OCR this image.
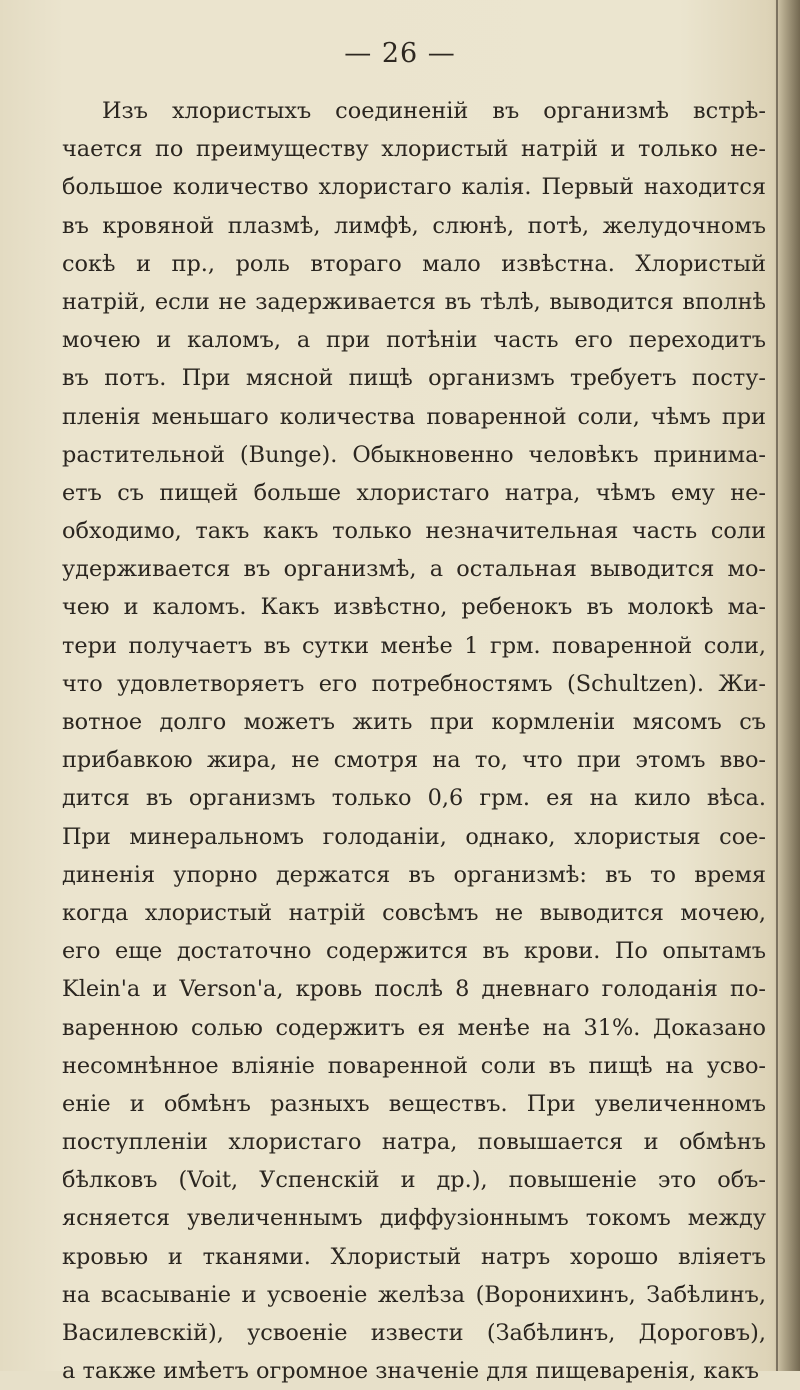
— 26 —
Изъ хлористыхъ соединенiй въ организмѣ встрѣ-
чается по преимуществу хлористый натрiй и только не-
большое количество хлористаго калiя. Первый находится
въ кровяной плазмѣ, лимфѣ, слюнѣ, потѣ, желудочномъ
сокѣ и пр., роль втораго мало извѣстна. Хлористый
натрiй, если не задерживается въ тѣлѣ, выводится вполнѣ
мочею и каломъ, а при потѣнiи часть его переходитъ
въ потъ. При мясной пищѣ организмъ требуетъ посту-
пленiя меньшаго количества поваренной соли, чѣмъ при
растительной (Bunge). Обыкновенно человѣкъ принима-
етъ съ пищей больше хлористаго натра, чѣмъ ему не-
обходимо, такъ какъ только незначительная часть соли
удерживается въ организмѣ, а остальная выводится мо-
чею и каломъ. Какъ извѣстно, ребенокъ въ молокѣ ма-
тери получаетъ въ сутки менѣе 1 грм. поваренной соли,
что удовлетворяетъ его потребностямъ (Schultzen). Жи-
вотное долго можетъ жить при кормленiи мясомъ съ
прибавкою жира, не смотря на то, что при этомъ вво-
дится въ организмъ только 0,6 грм. ея на кило вѣса.
При минеральномъ голоданiи, однако, хлористыя сое-
диненiя упорно держатся въ организмѣ: въ то время
когда хлористый натрiй совсѣмъ не выводится мочею,
его еще достаточно содержится въ крови. По опытамъ
Klein'а и Verson'а, кровь послѣ 8 дневнаго голоданiя по-
варенною солью содержитъ ея менѣе на 31%. Доказано
несомнѣнное влiянiе поваренной соли въ пищѣ на усво-
енiе и обмѣнъ разныхъ веществъ. При увеличенномъ
поступленiи хлористаго натра, повышается и обмѣнъ
бѣлковъ (Voit, Успенскiй и др.), повышенiе это объ-
ясняется увеличеннымъ диффузiоннымъ токомъ между
кровью и тканями. Хлористый натръ хорошо влiяетъ
на всасыванiе и усвоенiе желѣза (Воронихинъ, Забѣлинъ,
Василевскiй), усвоенiе извести (Забѣлинъ, Дороговъ),
а также имѣетъ огромное значенiе для пищеваренiя, какъ
